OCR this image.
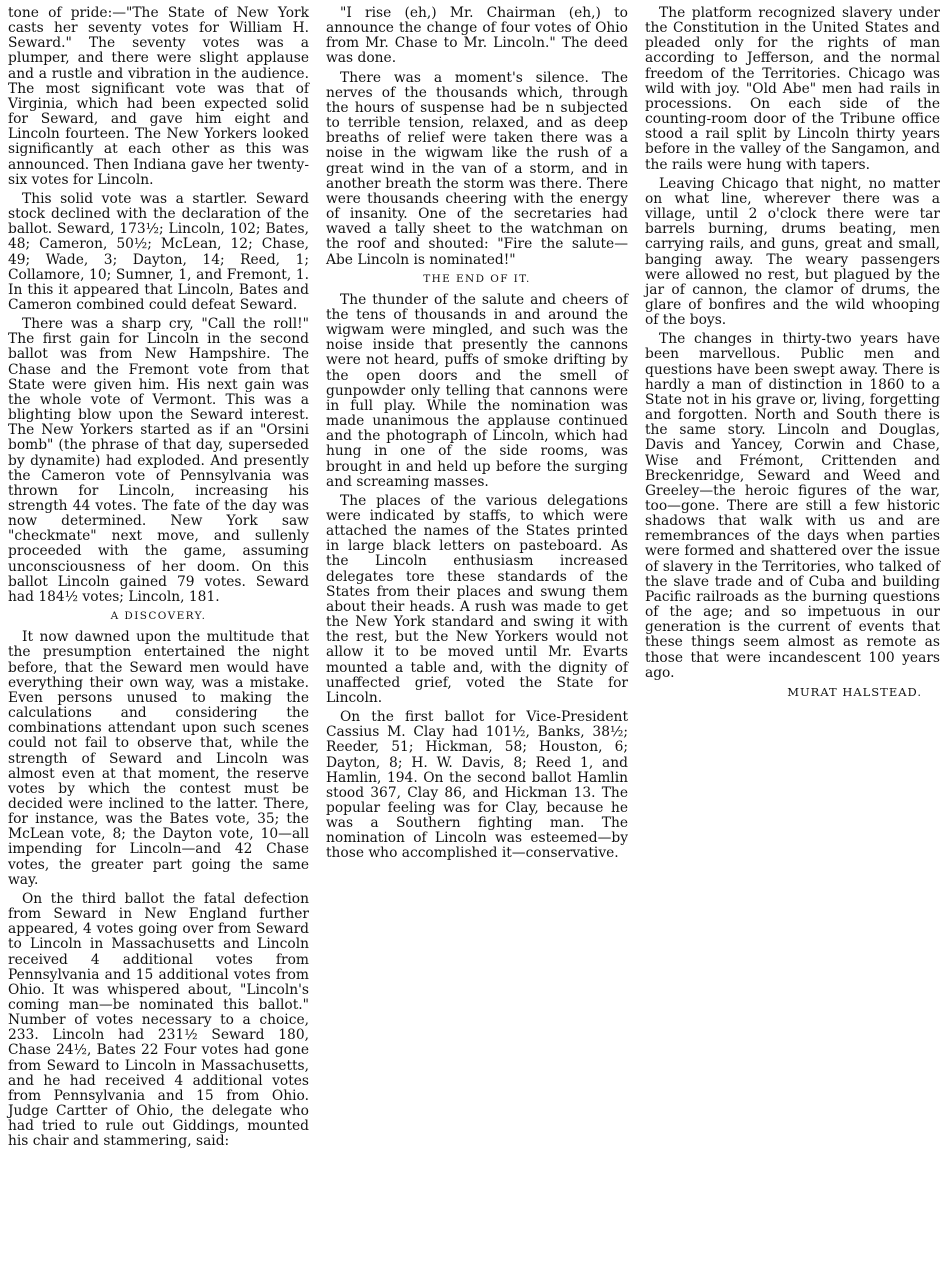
tone of pride:—"The State of New York casts her seventy votes for William H. Seward." The seventy votes was a plumper, and there were slight applause and a rustle and vibration in the audience. The most significant vote was that of Virginia, which had been expected solid for Seward, and gave him eight and Lincoln fourteen. The New Yorkers looked significantly at each other as this was announced. Then Indiana gave her twenty-six votes for Lincoln.

This solid vote was a startler. Seward stock declined with the declaration of the ballot. Seward, 173½; Lincoln, 102; Bates, 48; Cameron, 50½; McLean, 12; Chase, 49; Wade, 3; Dayton, 14; Reed, 1; Collamore, 10; Sumner, 1, and Fremont, 1. In this it appeared that Lincoln, Bates and Cameron combined could defeat Seward.

There was a sharp cry, "Call the roll!" The first gain for Lincoln in the second ballot was from New Hampshire. The Chase and the Fremont vote from that State were given him. His next gain was the whole vote of Vermont. This was a blighting blow upon the Seward interest. The New Yorkers started as if an "Orsini bomb" (the phrase of that day, superseded by dynamite) had exploded. And presently the Cameron vote of Pennsylvania was thrown for Lincoln, increasing his strength 44 votes. The fate of the day was now determined. New York saw "checkmate" next move, and sullenly proceeded with the game, assuming unconsciousness of her doom. On this ballot Lincoln gained 79 votes. Seward had 184½ votes; Lincoln, 181.

A DISCOVERY.

It now dawned upon the multitude that the presumption entertained the night before, that the Seward men would have everything their own way, was a mistake. Even persons unused to making the calculations and considering the combinations attendant upon such scenes could not fail to observe that, while the strength of Seward and Lincoln was almost even at that moment, the reserve votes by which the contest must be decided were inclined to the latter. There, for instance, was the Bates vote, 35; the McLean vote, 8; the Dayton vote, 10—all impending for Lincoln—and 42 Chase votes, the greater part going the same way.

On the third ballot the fatal defection from Seward in New England further appeared, 4 votes going over from Seward to Lincoln in Massachusetts and Lincoln received 4 additional votes from Pennsylvania and 15 additional votes from Ohio. It was whispered about, "Lincoln's coming man—be nominated this ballot." Number of votes necessary to a choice, 233. Lincoln had 231½ Seward 180, Chase 24½, Bates 22 Four votes had gone from Seward to Lincoln in Massachusetts, and he had received 4 additional votes from Pennsylvania and 15 from Ohio. Judge Cartter of Ohio, the delegate who had tried to rule out Giddings, mounted his chair and stammering, said:

"I rise (eh,) Mr. Chairman (eh,) to announce the change of four votes of Ohio from Mr. Chase to Mr. Lincoln." The deed was done.

There was a moment's silence. The nerves of the thousands which, through the hours of suspense had be n subjected to terrible tension, relaxed, and as deep breaths of relief were taken there was a noise in the wigwam like the rush of a great wind in the van of a storm, and in another breath the storm was there. There were thousands cheering with the energy of insanity. One of the secretaries had waved a tally sheet to the watchman on the roof and shouted: "Fire the salute—Abe Lincoln is nominated!"

THE END OF IT.

The thunder of the salute and cheers of the tens of thousands in and around the wigwam were mingled, and such was the noise inside that presently the cannons were not heard, puffs of smoke drifting by the open doors and the smell of gunpowder only telling that cannons were in full play. While the nomination was made unanimous the applause continued and the photograph of Lincoln, which had hung in one of the side rooms, was brought in and held up before the surging and screaming masses.

The places of the various delegations were indicated by staffs, to which were attached the names of the States printed in large black letters on pasteboard. As the Lincoln enthusiasm increased delegates tore these standards of the States from their places and swung them about their heads. A rush was made to get the New York standard and swing it with the rest, but the New Yorkers would not allow it to be moved until Mr. Evarts mounted a table and, with the dignity of unaffected grief, voted the State for Lincoln.

On the first ballot for Vice-President Cassius M. Clay had 101½, Banks, 38½; Reeder, 51; Hickman, 58; Houston, 6; Dayton, 8; H. W. Davis, 8; Reed 1, and Hamlin, 194. On the second ballot Hamlin stood 367, Clay 86, and Hickman 13. The popular feeling was for Clay, because he was a Southern fighting man. The nomination of Lincoln was esteemed—by those who accomplished it—conservative.

The platform recognized slavery under the Constitution in the United States and pleaded only for the rights of man according to Jefferson, and the normal freedom of the Territories. Chicago was wild with joy. "Old Abe" men had rails in processions. On each side of the counting-room door of the Tribune office stood a rail split by Lincoln thirty years before in the valley of the Sangamon, and the rails were hung with tapers.

Leaving Chicago that night, no matter on what line, wherever there was a village, until 2 o'clock there were tar barrels burning, drums beating, men carrying rails, and guns, great and small, banging away. The weary passengers were allowed no rest, but plagued by the jar of cannon, the clamor of drums, the glare of bonfires and the wild whooping of the boys.

The changes in thirty-two years have been marvellous. Public men and questions have been swept away. There is hardly a man of distinction in 1860 to a State not in his grave or, living, forgetting and forgotten. North and South there is the same story. Lincoln and Douglas, Davis and Yancey, Corwin and Chase, Wise and Frémont, Crittenden and Breckenridge, Seward and Weed and Greeley—the heroic figures of the war, too—gone. There are still a few historic shadows that walk with us and are remembrances of the days when parties were formed and shattered over the issue of slavery in the Territories, who talked of the slave trade and of Cuba and building Pacific railroads as the burning questions of the age; and so impetuous in our generation is the current of events that these things seem almost as remote as those that were incandescent 100 years ago.

MURAT HALSTEAD.
